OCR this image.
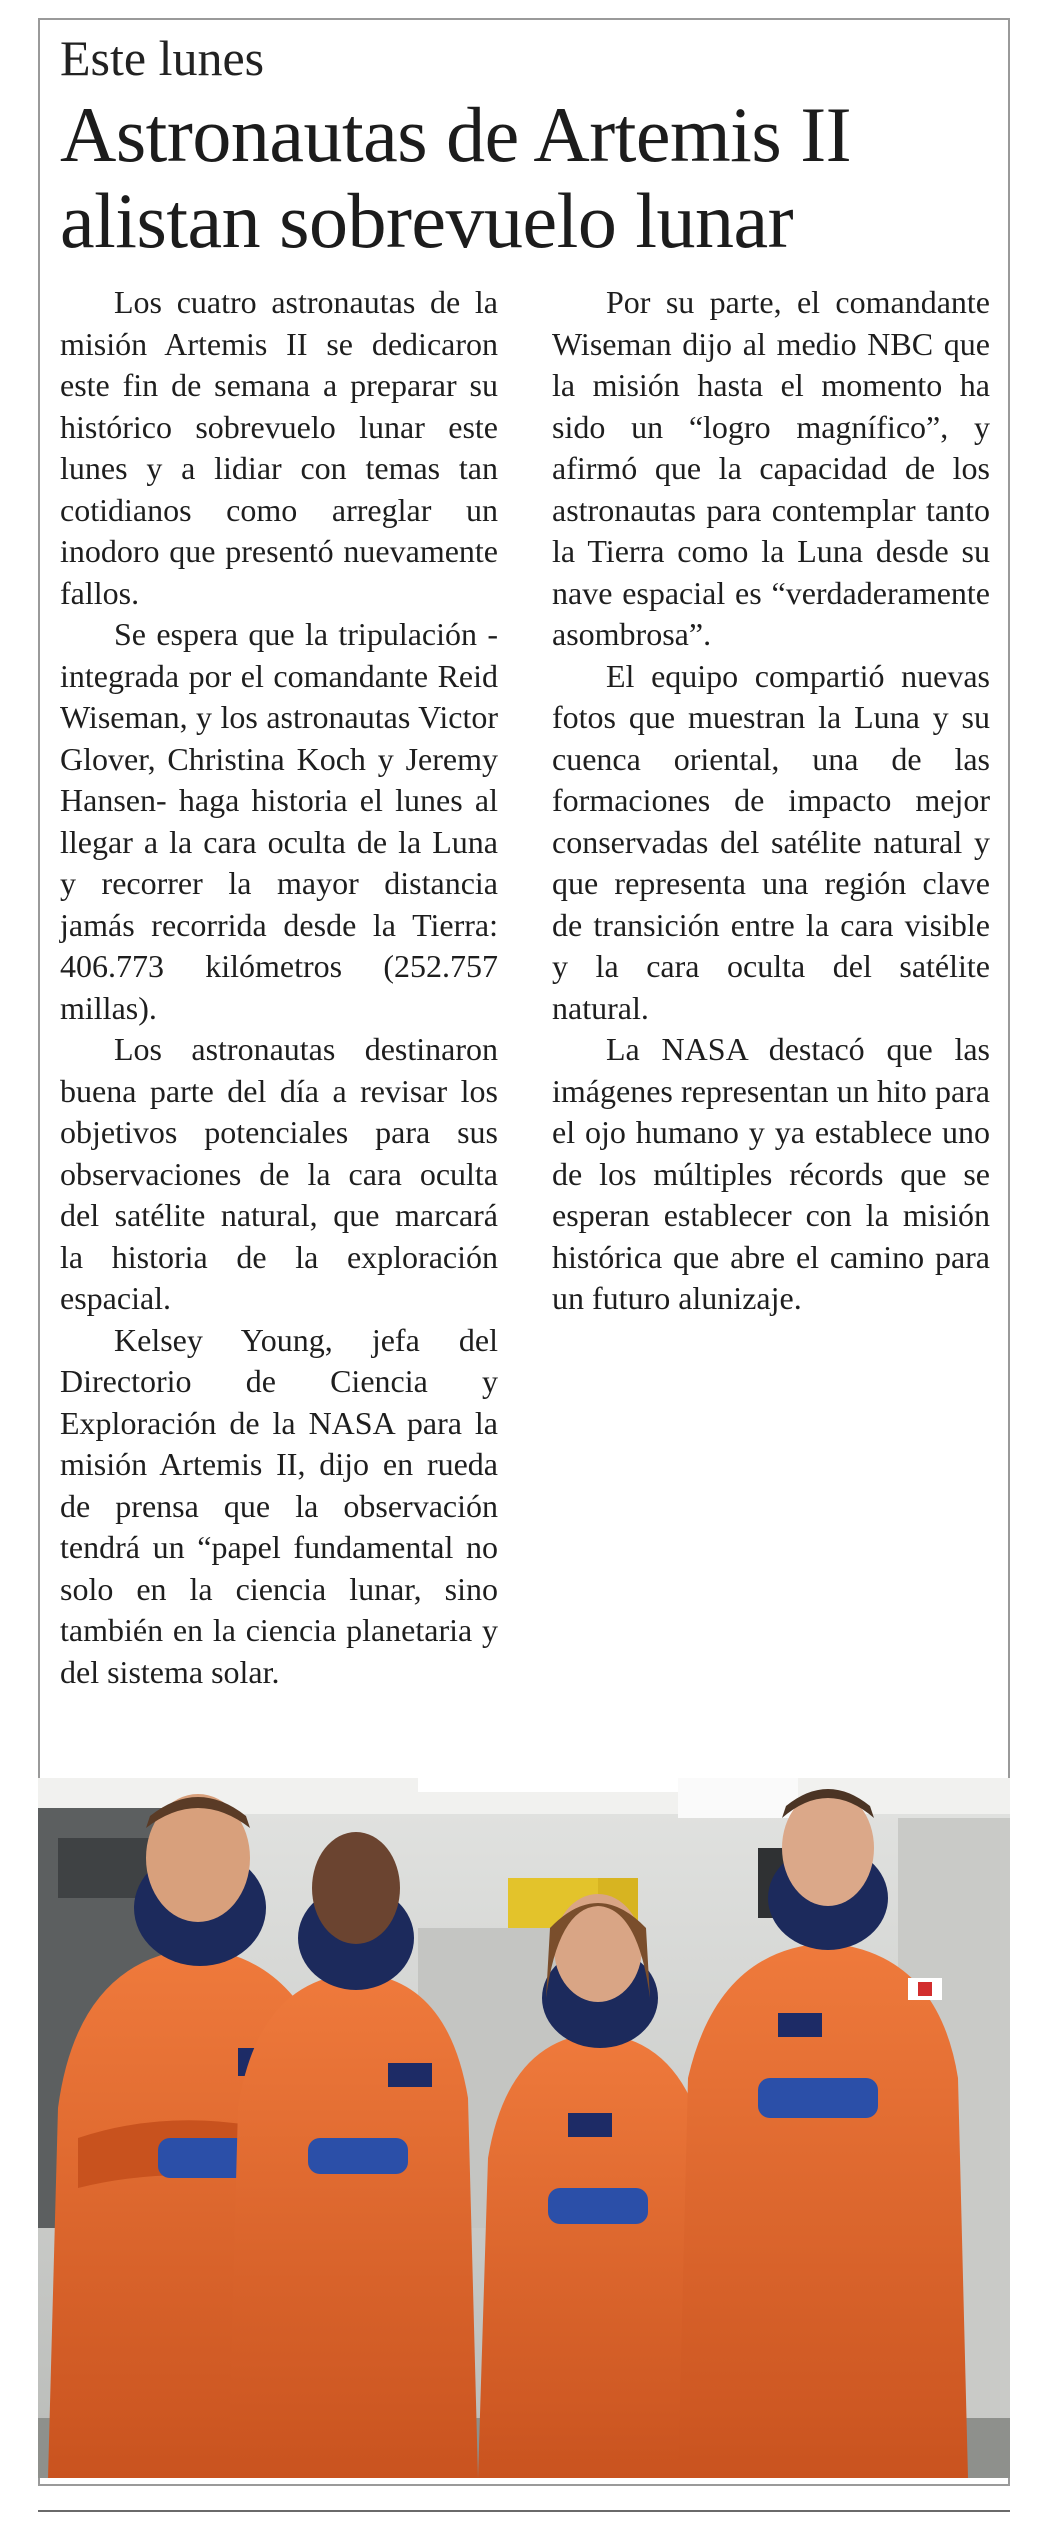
Este lunes
Astronautas de Artemis II alistan sobrevuelo lunar

Los cuatro astronautas de la misión Artemis II se dedicaron este fin de semana a preparar su histórico sobrevuelo lunar este lunes y a lidiar con temas tan cotidianos como arreglar un inodoro que presentó nuevamente fallos.

Se espera que la tripulación -integrada por el comandante Reid Wiseman, y los astronautas Victor Glover, Christina Koch y Jeremy Hansen- haga historia el lunes al llegar a la cara oculta de la Luna y recorrer la mayor distancia jamás recorrida desde la Tierra: 406.773 kilómetros (252.757 millas).

Los astronautas destinaron buena parte del día a revisar los objetivos potenciales para sus observaciones de la cara oculta del satélite natural, que marcará la historia de la exploración espacial.

Kelsey Young, jefa del Directorio de Ciencia y Exploración de la NASA para la misión Artemis II, dijo en rueda de prensa que la observación tendrá un “papel fundamental no solo en la ciencia lunar, sino también en la ciencia planetaria y del sistema solar.

Por su parte, el comandante Wiseman dijo al medio NBC que la misión hasta el momento ha sido un “logro magnífico”, y afirmó que la capacidad de los astronautas para contemplar tanto la Tierra como la Luna desde su nave espacial es “verdaderamente asombrosa”.

El equipo compartió nuevas fotos que muestran la Luna y su cuenca oriental, una de las formaciones de impacto mejor conservadas del satélite natural y que representa una región clave de transición entre la cara visible y la cara oculta del satélite natural.

La NASA destacó que las imágenes representan un hito para el ojo humano y ya establece uno de los múltiples récords que se esperan establecer con la misión histórica que abre el camino para un futuro alunizaje.
